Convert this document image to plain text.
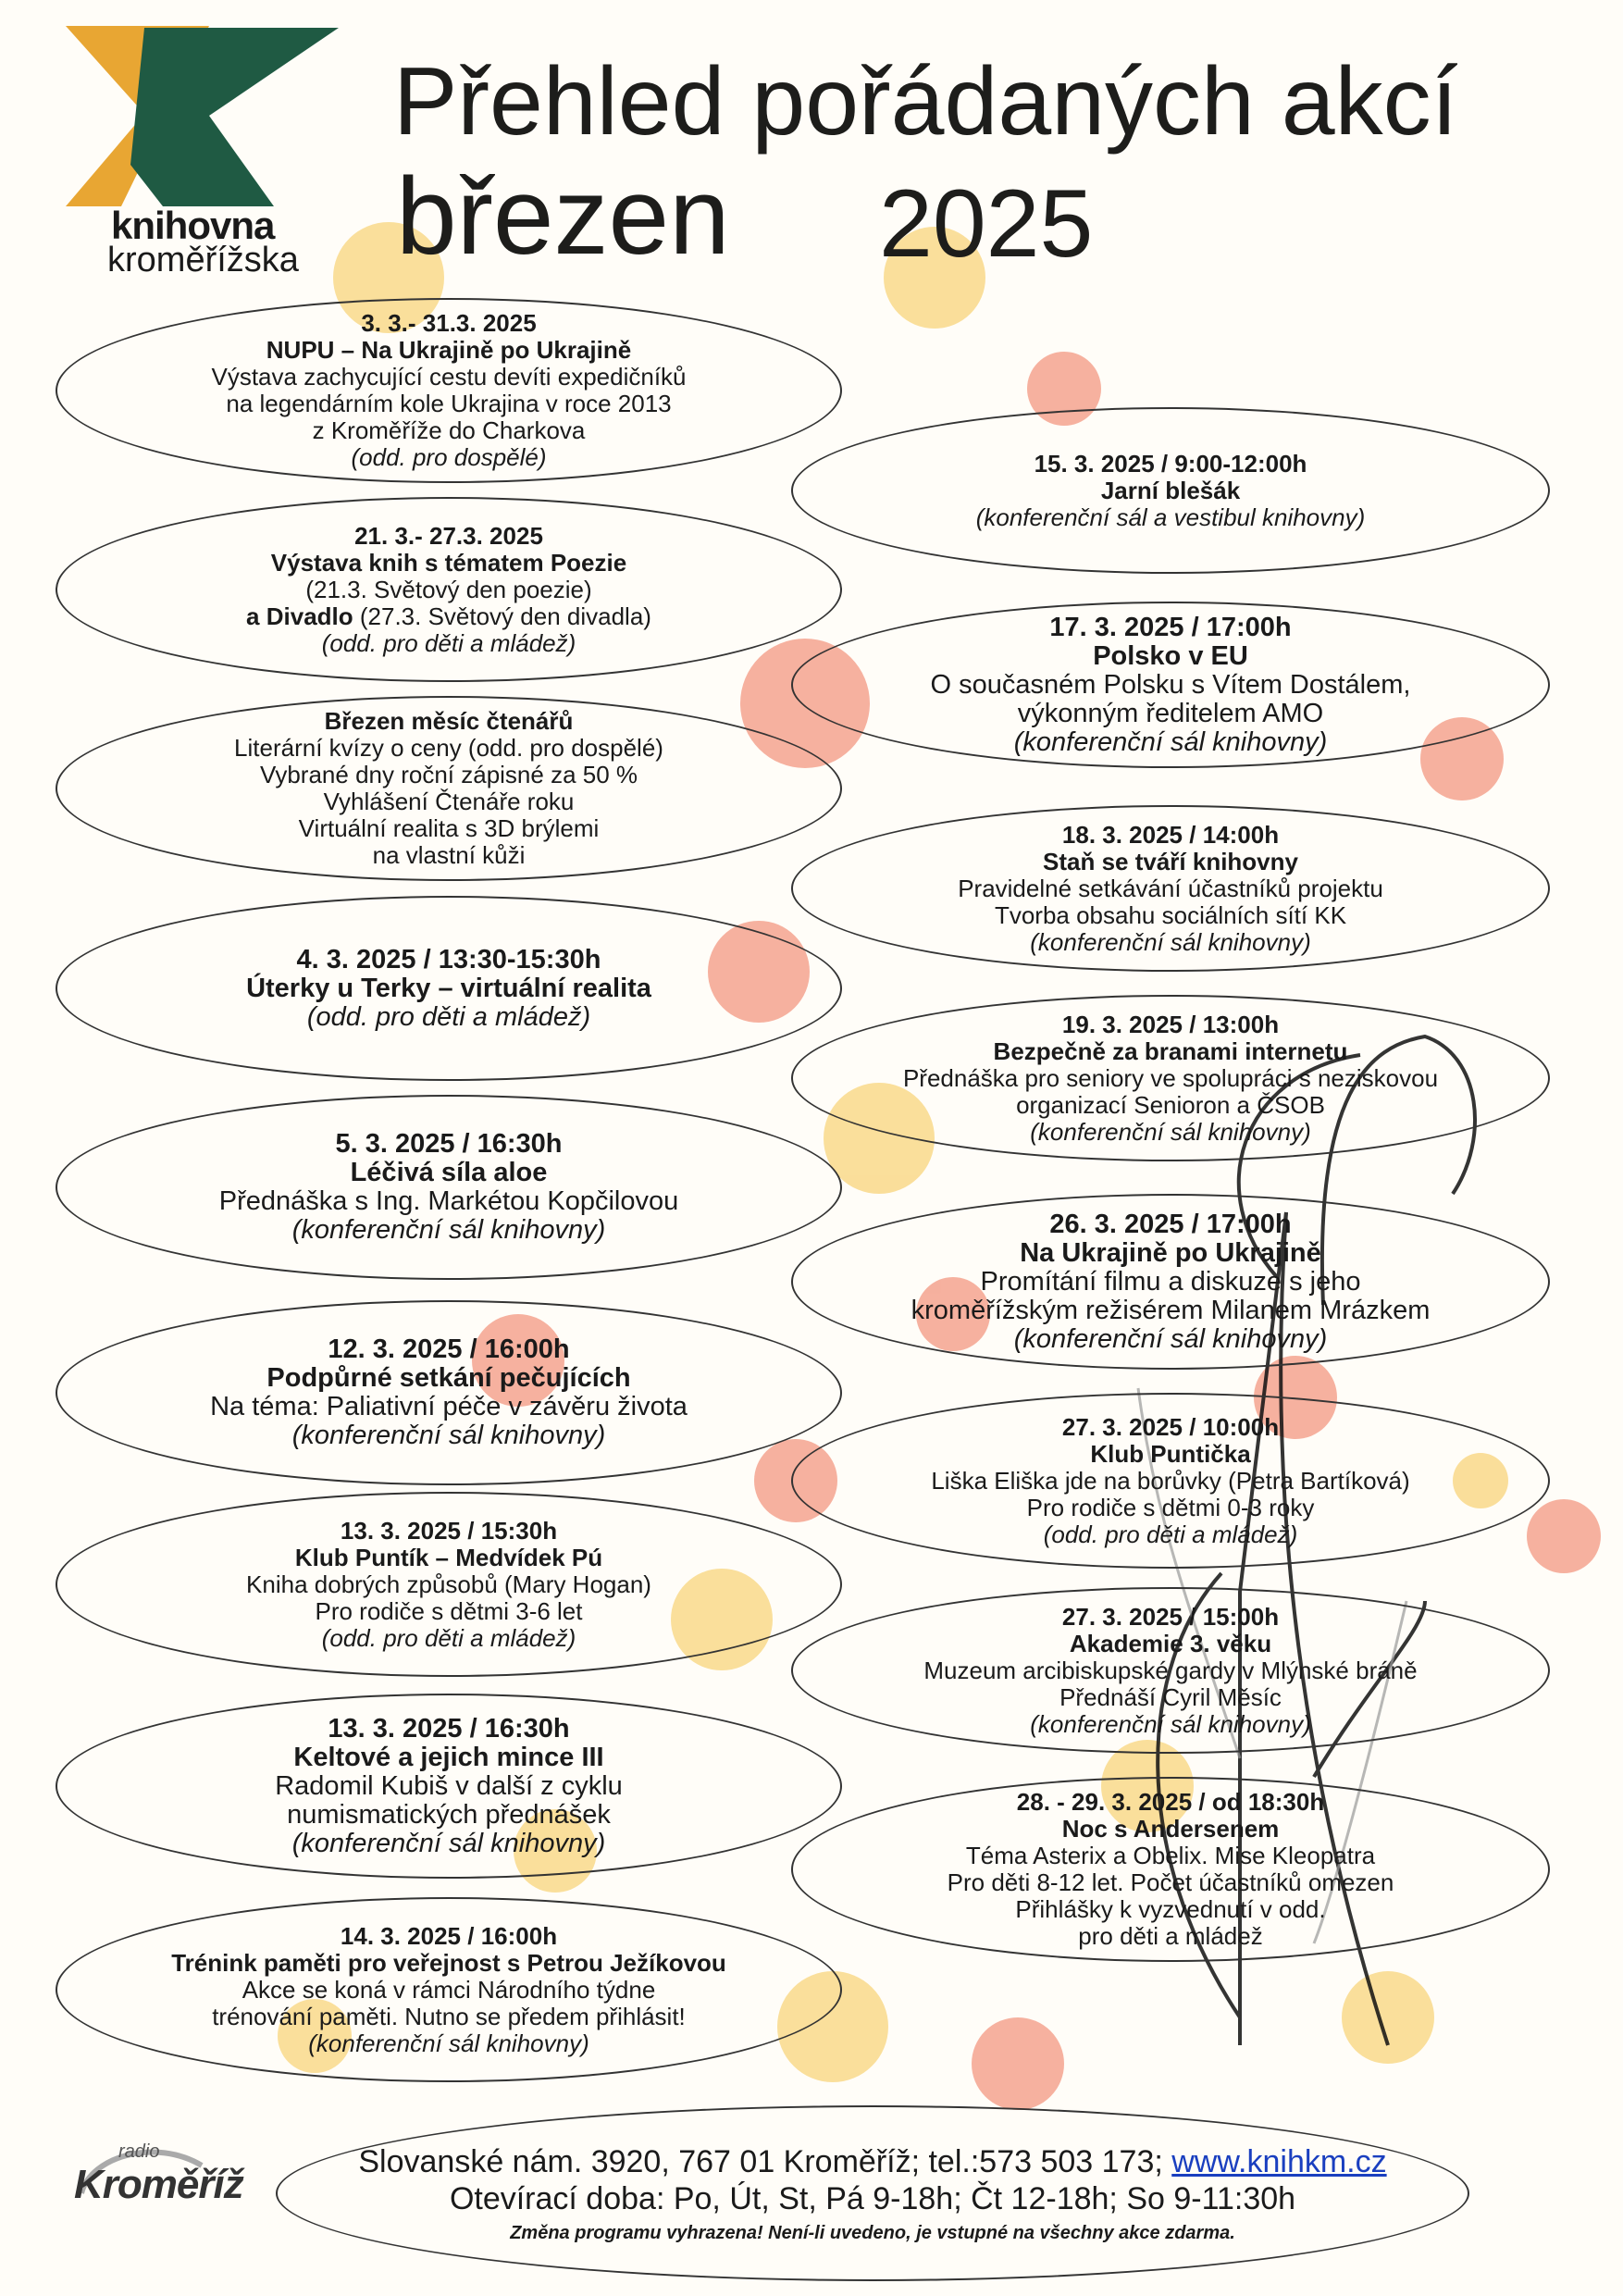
knihovna
kroměřížska
Přehled pořádaných akcí
březen 2025
3. 3.- 31.3. 2025
NUPU – Na Ukrajině po Ukrajině
Výstava zachycující cestu devíti expedičníků
na legendárním kole Ukrajina v roce 2013
z Kroměříže do Charkova
(odd. pro dospělé)
21. 3.- 27.3. 2025
Výstava knih s tématem Poezie
(21.3. Světový den poezie)
a Divadlo (27.3. Světový den divadla)
(odd. pro děti a mládež)
Březen měsíc čtenářů
Literární kvízy o ceny (odd. pro dospělé)
Vybrané dny roční zápisné za 50 %
Vyhlášení Čtenáře roku
Virtuální realita s 3D brýlemi
na vlastní kůži
4. 3. 2025 / 13:30-15:30h
Úterky u Terky – virtuální realita
(odd. pro děti a mládež)
5. 3. 2025 / 16:30h
Léčivá síla aloe
Přednáška s Ing. Markétou Kopčilovou
(konferenční sál knihovny)
12. 3. 2025 / 16:00h
Podpůrné setkání pečujících
Na téma: Paliativní péče v závěru života
(konferenční sál knihovny)
13. 3. 2025 / 15:30h
Klub Puntík – Medvídek Pú
Kniha dobrých způsobů (Mary Hogan)
Pro rodiče s dětmi 3-6 let
(odd. pro děti a mládež)
13. 3. 2025 / 16:30h
Keltové a jejich mince III
Radomil Kubiš v další z cyklu
numismatických přednášek
(konferenční sál knihovny)
14. 3. 2025 / 16:00h
Trénink paměti pro veřejnost s Petrou Ježíkovou
Akce se koná v rámci Národního týdne
trénování paměti. Nutno se předem přihlásit!
(konferenční sál knihovny)
15. 3. 2025 / 9:00-12:00h
Jarní blešák
(konferenční sál a vestibul knihovny)
17. 3. 2025 / 17:00h
Polsko v EU
O současném Polsku s Vítem Dostálem,
výkonným ředitelem AMO
(konferenční sál knihovny)
18. 3. 2025 / 14:00h
Staň se tváří knihovny
Pravidelné setkávání účastníků projektu
Tvorba obsahu sociálních sítí KK
(konferenční sál knihovny)
19. 3. 2025 / 13:00h
Bezpečně za branami internetu
Přednáška pro seniory ve spolupráci s neziskovou
organizací Senioron a ČSOB
(konferenční sál knihovny)
26. 3. 2025 / 17:00h
Na Ukrajině po Ukrajině
Promítání filmu a diskuze s jeho
kroměřížským režisérem Milanem Mrázkem
(konferenční sál knihovny)
27. 3. 2025 / 10:00h
Klub Puntička
Liška Eliška jde na borůvky (Petra Bartíková)
Pro rodiče s dětmi 0-3 roky
(odd. pro děti a mládež)
27. 3. 2025 / 15:00h
Akademie 3. věku
Muzeum arcibiskupské gardy v Mlýnské bráně
Přednáší Cyril Měsíc
(konferenční sál knihovny)
28. - 29. 3. 2025 / od 18:30h
Noc s Andersenem
Téma Asterix a Obelix. Mise Kleopatra
Pro děti 8-12 let. Počet účastníků omezen
Přihlášky k vyzvednutí v odd.
pro děti a mládež
radio
Kroměříž
Slovanské nám. 3920, 767 01 Kroměříž; tel.:573 503 173; www.knihkm.cz
Otevírací doba: Po, Út, St, Pá 9-18h; Čt 12-18h; So 9-11:30h
Změna programu vyhrazena! Není-li uvedeno, je vstupné na všechny akce zdarma.
